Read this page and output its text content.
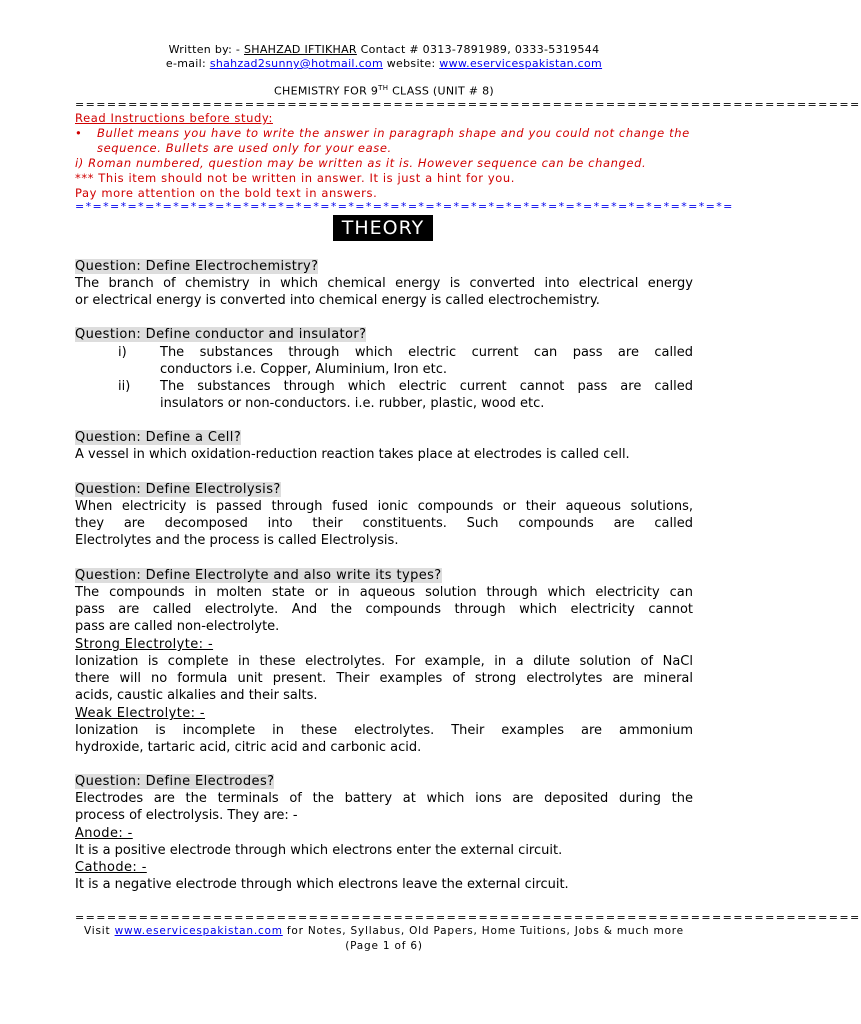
Written by: - SHAHZAD IFTIKHAR Contact # 0313-7891989, 0333-5319544
e-mail: shahzad2sunny@hotmail.com website: www.eservicespakistan.com
CHEMISTRY FOR 9TH CLASS (UNIT # 8)
==========================================================================
Read Instructions before study:
•	Bullet means you have to write the answer in paragraph shape and you could not change the sequence. Bullets are used only for your ease.
i) Roman numbered, question may be written as it is. However sequence can be changed.
*** This item should not be written in answer. It is just a hint for you.
Pay more attention on the bold text in answers.
=*=*=*=*=*=*=*=*=*=*=*=*=*=*=*=*=*=*=*=*=*=*=*=*=*=*=*=*=*=*=*=*=*=*=*=*=*=
THEORY
Question: Define Electrochemistry?
The branch of chemistry in which chemical energy is converted into electrical energy
or electrical energy is converted into chemical energy is called electrochemistry.
Question: Define conductor and insulator?
i)	The substances through which electric current can pass are called
conductors i.e. Copper, Aluminium, Iron etc.
ii)	The substances through which electric current cannot pass are called
insulators or non-conductors. i.e. rubber, plastic, wood etc.
Question: Define a Cell?
A vessel in which oxidation-reduction reaction takes place at electrodes is called cell.
Question: Define Electrolysis?
When electricity is passed through fused ionic compounds or their aqueous solutions,
they are decomposed into their constituents. Such compounds are called
Electrolytes and the process is called Electrolysis.
Question: Define Electrolyte and also write its types?
The compounds in molten state or in aqueous solution through which electricity can
pass are called electrolyte. And the compounds through which electricity cannot
pass are called non-electrolyte.
Strong Electrolyte: -
Ionization is complete in these electrolytes. For example, in a dilute solution of NaCl
there will no formula unit present. Their examples of strong electrolytes are mineral
acids, caustic alkalies and their salts.
Weak Electrolyte: -
Ionization is incomplete in these electrolytes. Their examples are ammonium
hydroxide, tartaric acid, citric acid and carbonic acid.
Question: Define Electrodes?
Electrodes are the terminals of the battery at which ions are deposited during the
process of electrolysis. They are: -
Anode: -
It is a positive electrode through which electrons enter the external circuit.
Cathode: -
It is a negative electrode through which electrons leave the external circuit.
==========================================================================
Visit www.eservicespakistan.com for Notes, Syllabus, Old Papers, Home Tuitions, Jobs & much more
(Page 1 of 6)
